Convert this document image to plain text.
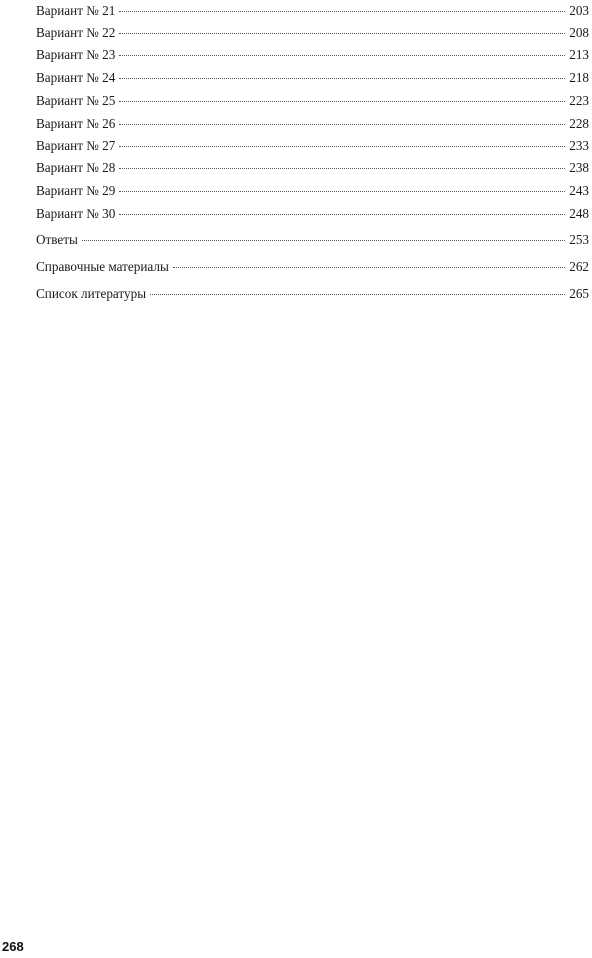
Вариант № 21	203
Вариант № 22	208
Вариант № 23	213
Вариант № 24	218
Вариант № 25	223
Вариант № 26	228
Вариант № 27	233
Вариант № 28	238
Вариант № 29	243
Вариант № 30	248
Ответы	253
Справочные материалы	262
Список литературы	265
268
